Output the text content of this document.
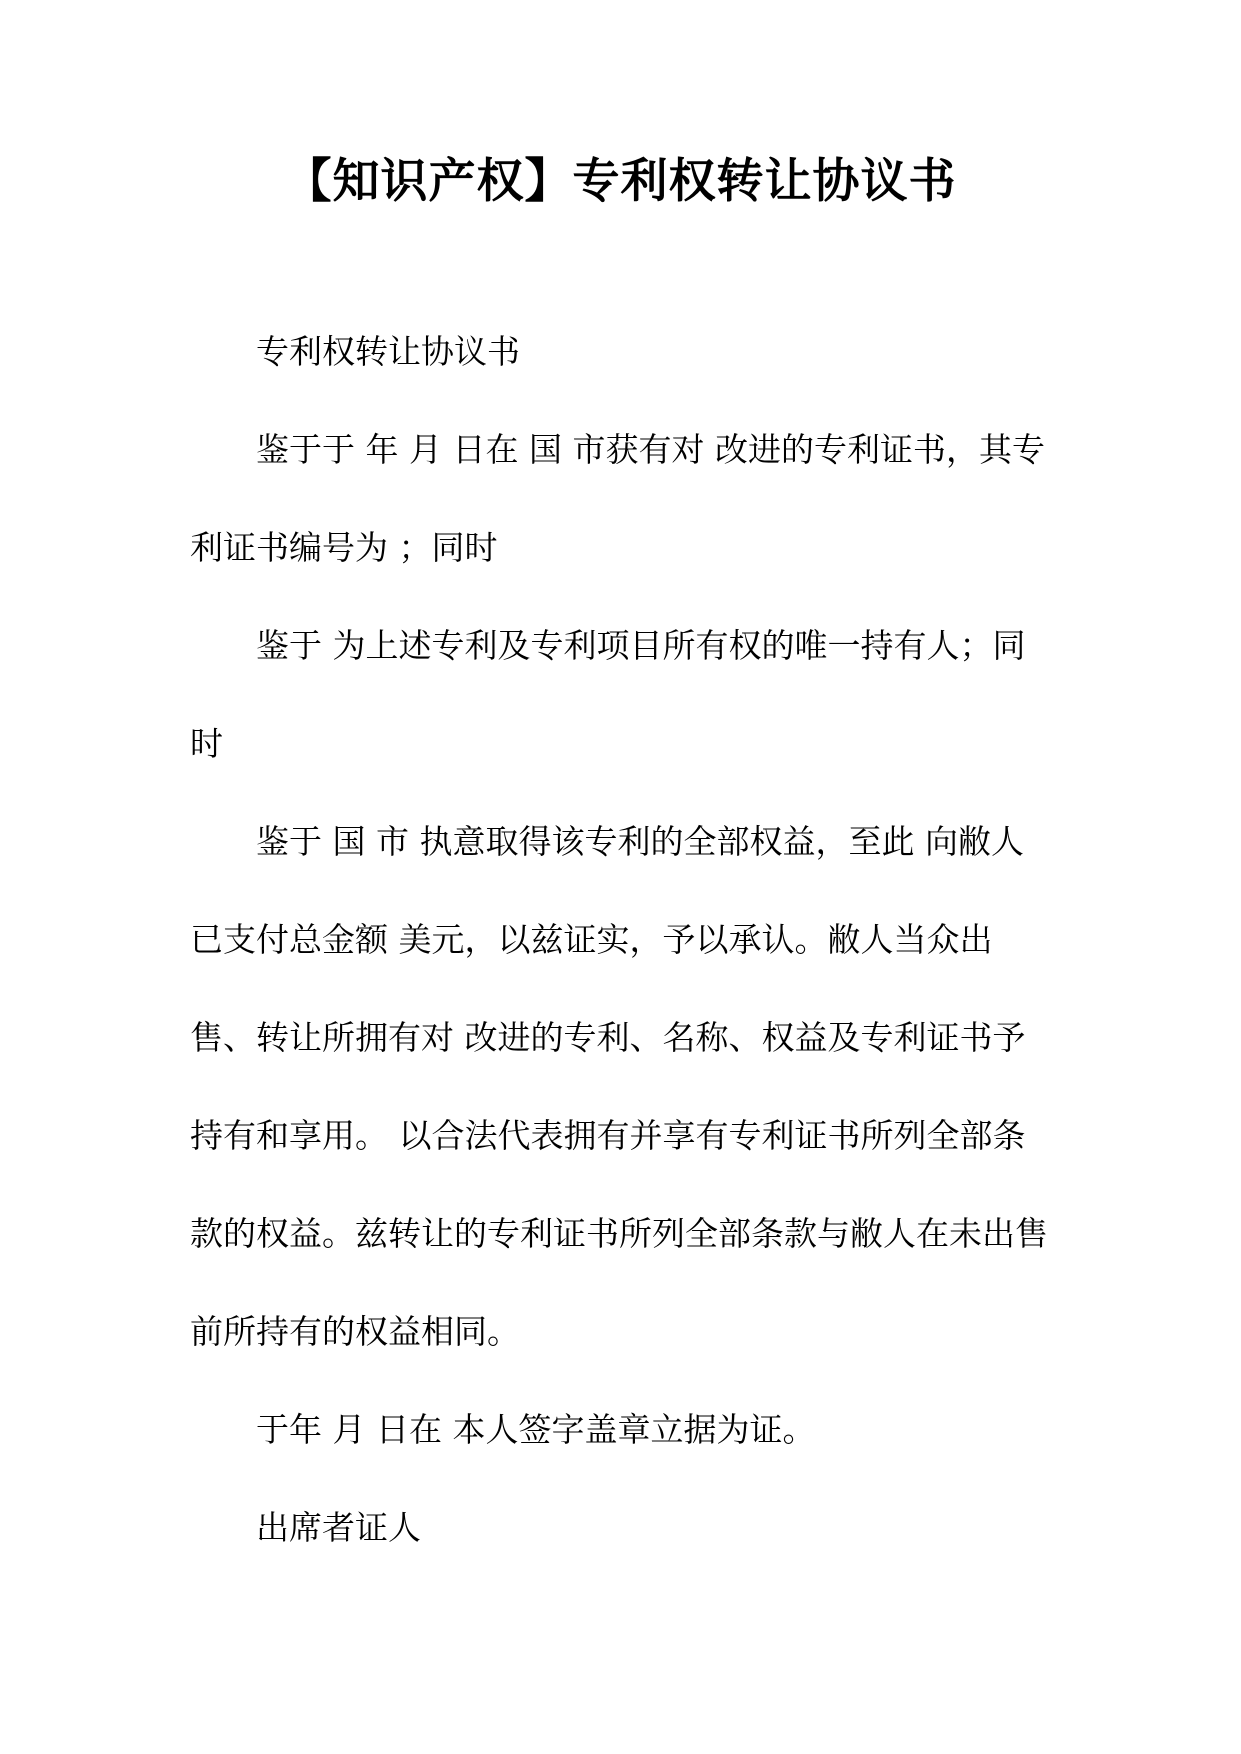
【知识产权】专利权转让协议书

专利权转让协议书

鉴于于 年 月 日在 国 市获有对 改进的专利证书，其专利证书编号为 ；同时

鉴于 为上述专利及专利项目所有权的唯一持有人；同时

鉴于 国 市 执意取得该专利的全部权益，至此 向敝人已支付总金额 美元，以兹证实，予以承认。敝人当众出售、转让所拥有对 改进的专利、名称、权益及专利证书予持有和享用。 以合法代表拥有并享有专利证书所列全部条款的权益。兹转让的专利证书所列全部条款与敝人在未出售前所持有的权益相同。

于年 月 日在 本人签字盖章立据为证。

出席者证人
